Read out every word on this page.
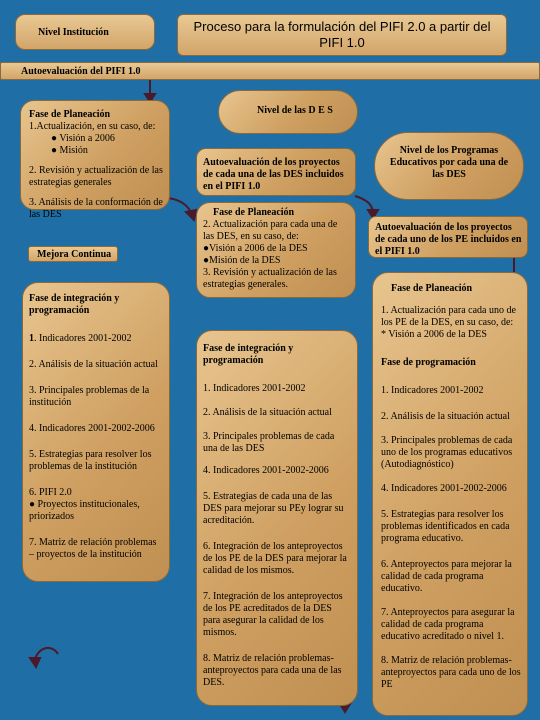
Nivel Institución	Proceso para la formulación del PIFI 2.0 a partir del PIFI 1.0
Autoevaluación del PIFI 1.0
Fase de Planeación
1.Actualización, en su caso, de:
● Visión a 2006
● Misión
2. Revisión y actualización de las estrategias generales
3. Análisis de la conformación de las DES
Mejora Continua
Fase de integración y programación
1. Indicadores 2001-2002
2. Análisis de la situación actual
3. Principales problemas de la institución
4. Indicadores 2001-2002-2006
5. Estrategias para resolver los problemas de la institución
6. PIFI 2.0
● Proyectos institucionales, priorizados
7. Matriz de relación problemas – proyectos de la institución
Nivel de las D E S
Autoevaluación de los proyectos de cada una de las DES incluidos en el PIFI 1.0
Fase de Planeación
2. Actualización para cada una de las DES, en su caso, de:
●Visión a 2006 de la DES
●Misión de la DES
3. Revisión y actualización de las estrategias generales.
Fase de integración y programación
1. Indicadores 2001-2002
2. Análisis de la situación actual
3. Principales problemas de cada una de las DES
4. Indicadores 2001-2002-2006
5. Estrategias de cada una de las DES para mejorar su PEy lograr su acreditación.
6. Integración de los anteproyectos de los PE de la DES para mejorar la calidad de los mismos.
7. Integración de los anteproyectos de los PE acreditados de la DES para asegurar la calidad de los mismos.
8. Matriz de relación problemas- anteproyectos para cada una de las DES.
Nivel de los Programas Educativos por cada una de las DES
Autoevaluación de los proyectos de cada uno de los PE incluidos en el PIFI 1.0
Fase de Planeación
1. Actualización para cada uno de los PE de la DES, en su caso, de:
* Visión a 2006 de la DES
Fase de programación
1. Indicadores 2001-2002
2. Análisis de la situación actual
3. Principales problemas de cada uno de los programas educativos (Autodiagnóstico)
4. Indicadores 2001-2002-2006
5. Estrategias para resolver los problemas identificados en cada programa educativo.
6. Anteproyectos para mejorar la calidad de cada programa educativo.
7. Anteproyectos para asegurar la calidad de cada programa educativo acreditado o nivel 1.
8. Matriz de relación problemas-anteproyectos para cada uno de los PE
